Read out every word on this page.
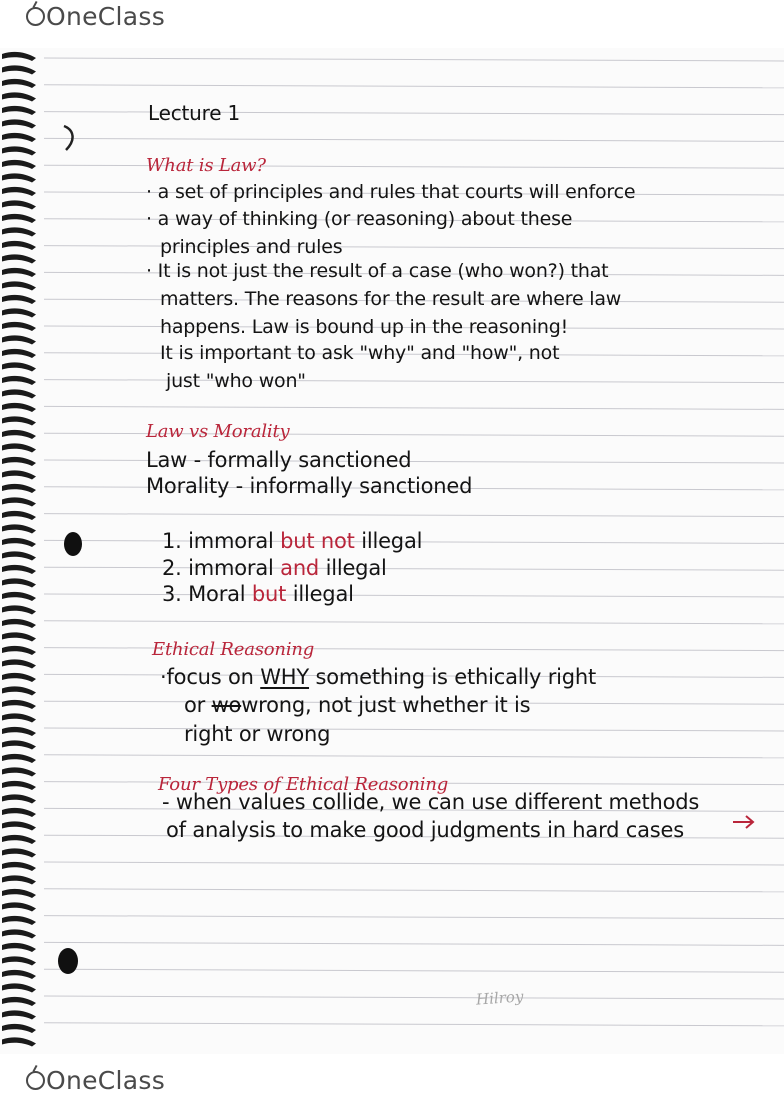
OneClass
Lecture 1
What is Law?
· a set of principles and rules that courts will enforce
· a way of thinking (or reasoning) about these
principles and rules
· It is not just the result of a case (who won?) that
matters. The reasons for the result are where law
happens. Law is bound up in the reasoning!
It is important to ask "why" and "how", not
just "who won"
Law vs Morality
Law - formally sanctioned
Morality - informally sanctioned
1. immoral but not illegal
2. immoral and illegal
3. Moral but illegal
Ethical Reasoning
·focus on WHY something is ethically right
or wowrong, not just whether it is
right or wrong
Four Types of Ethical Reasoning
- when values collide, we can use different methods
of analysis to make good judgments in hard cases
Hilroy
OneClass
